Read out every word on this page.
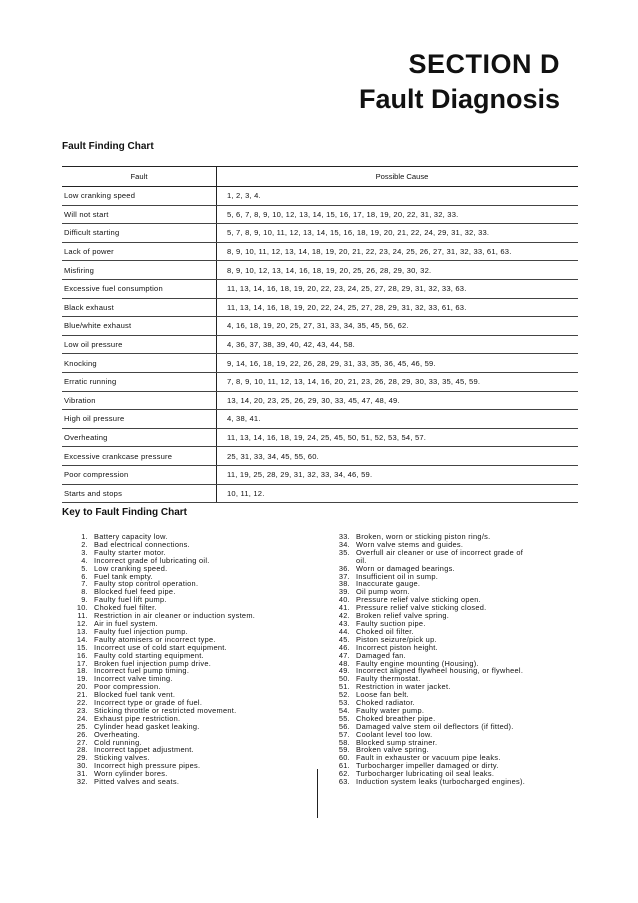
SECTION D
Fault Diagnosis
Fault Finding Chart
Fault	Possible Cause
Low cranking speed	1, 2, 3, 4.
Will not start	5, 6, 7, 8, 9, 10, 12, 13, 14, 15, 16, 17, 18, 19, 20, 22, 31, 32, 33.
Difficult starting	5, 7, 8, 9, 10, 11, 12, 13, 14, 15, 16, 18, 19, 20, 21, 22, 24, 29, 31, 32, 33.
Lack of power	8, 9, 10, 11, 12, 13, 14, 18, 19, 20, 21, 22, 23, 24, 25, 26, 27, 31, 32, 33, 61, 63.
Misfiring	8, 9, 10, 12, 13, 14, 16, 18, 19, 20, 25, 26, 28, 29, 30, 32.
Excessive fuel consumption	11, 13, 14, 16, 18, 19, 20, 22, 23, 24, 25, 27, 28, 29, 31, 32, 33, 63.
Black exhaust	11, 13, 14, 16, 18, 19, 20, 22, 24, 25, 27, 28, 29, 31, 32, 33, 61, 63.
Blue/white exhaust	4, 16, 18, 19, 20, 25, 27, 31, 33, 34, 35, 45, 56, 62.
Low oil pressure	4, 36, 37, 38, 39, 40, 42, 43, 44, 58.
Knocking	9, 14, 16, 18, 19, 22, 26, 28, 29, 31, 33, 35, 36, 45, 46, 59.
Erratic running	7, 8, 9, 10, 11, 12, 13, 14, 16, 20, 21, 23, 26, 28, 29, 30, 33, 35, 45, 59.
Vibration	13, 14, 20, 23, 25, 26, 29, 30, 33, 45, 47, 48, 49.
High oil pressure	4, 38, 41.
Overheating	11, 13, 14, 16, 18, 19, 24, 25, 45, 50, 51, 52, 53, 54, 57.
Excessive crankcase pressure	25, 31, 33, 34, 45, 55, 60.
Poor compression	11, 19, 25, 28, 29, 31, 32, 33, 34, 46, 59.
Starts and stops	10, 11, 12.
Key to Fault Finding Chart
1. Battery capacity low.
2. Bad electrical connections.
3. Faulty starter motor.
4. Incorrect grade of lubricating oil.
5. Low cranking speed.
6. Fuel tank empty.
7. Faulty stop control operation.
8. Blocked fuel feed pipe.
9. Faulty fuel lift pump.
10. Choked fuel filter.
11. Restriction in air cleaner or induction system.
12. Air in fuel system.
13. Faulty fuel injection pump.
14. Faulty atomisers or incorrect type.
15. Incorrect use of cold start equipment.
16. Faulty cold starting equipment.
17. Broken fuel injection pump drive.
18. Incorrect fuel pump timing.
19. Incorrect valve timing.
20. Poor compression.
21. Blocked fuel tank vent.
22. Incorrect type or grade of fuel.
23. Sticking throttle or restricted movement.
24. Exhaust pipe restriction.
25. Cylinder head gasket leaking.
26. Overheating.
27. Cold running.
28. Incorrect tappet adjustment.
29. Sticking valves.
30. Incorrect high pressure pipes.
31. Worn cylinder bores.
32. Pitted valves and seats.
33. Broken, worn or sticking piston ring/s.
34. Worn valve stems and guides.
35. Overfull air cleaner or use of incorrect grade of
oil.
36. Worn or damaged bearings.
37. Insufficient oil in sump.
38. Inaccurate gauge.
39. Oil pump worn.
40. Pressure relief valve sticking open.
41. Pressure relief valve sticking closed.
42. Broken relief valve spring.
43. Faulty suction pipe.
44. Choked oil filter.
45. Piston seizure/pick up.
46. Incorrect piston height.
47. Damaged fan.
48. Faulty engine mounting (Housing).
49. Incorrect aligned flywheel housing, or flywheel.
50. Faulty thermostat.
51. Restriction in water jacket.
52. Loose fan belt.
53. Choked radiator.
54. Faulty water pump.
55. Choked breather pipe.
56. Damaged valve stem oil deflectors (if fitted).
57. Coolant level too low.
58. Blocked sump strainer.
59. Broken valve spring.
60. Fault in exhauster or vacuum pipe leaks.
61. Turbocharger impeller damaged or dirty.
62. Turbocharger lubricating oil seal leaks.
63. Induction system leaks (turbocharged engines).
